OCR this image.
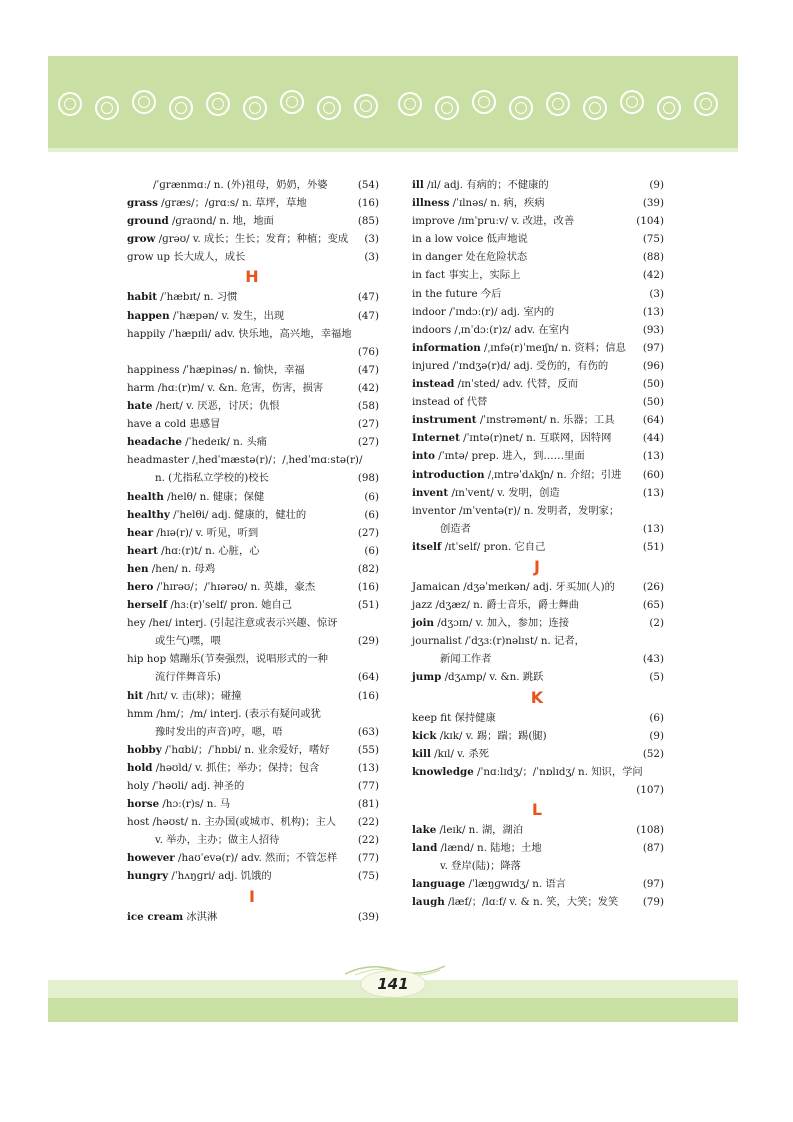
/ˈɡrænmɑː/ n. (外)祖母，奶奶，外婆	(54)
grass /ɡræs/；/ɡrɑːs/ n. 草坪，草地	(16)
ground /ɡraʊnd/ n. 地，地面	(85)
grow /ɡrəʊ/ v. 成长；生长；发育；种植；变成 (3)
grow up 长大成人，成长	(3)
H
habit /ˈhæbɪt/ n. 习惯	(47)
happen /ˈhæpən/ v. 发生，出现	(47)
happily /ˈhæpɪli/ adv. 快乐地，高兴地，幸福地
(76)
happiness /ˈhæpinəs/ n. 愉快，幸福	(47)
harm /hɑː(r)m/ v. &n. 危害，伤害，损害	(42)
hate /heɪt/ v. 厌恶，讨厌；仇恨	(58)
have a cold 患感冒	(27)
headache /ˈhedeɪk/ n. 头痛	(27)
headmaster /ˌhedˈmæstə(r)/；/ˌhedˈmɑːstə(r)/
n. (尤指私立学校的)校长	(98)
health /helθ/ n. 健康；保健	(6)
healthy /ˈhelθi/ adj. 健康的，健壮的	(6)
hear /hɪə(r)/ v. 听见，听到	(27)
heart /hɑː(r)t/ n. 心脏，心	(6)
hen /hen/ n. 母鸡	(82)
hero /ˈhɪrəʊ/；/ˈhɪərəʊ/ n. 英雄，豪杰	(16)
herself /hɜː(r)ˈself/ pron. 她自己	(51)
hey /heɪ/ interj. (引起注意或表示兴趣、惊讶
或生气)嘿，喂	(29)
hip hop 嬉蹦乐(节奏强烈，说唱形式的一种
流行伴舞音乐)	(64)
hit /hɪt/ v. 击(球)；碰撞	(16)
hmm /hm/；/m/ interj. (表示有疑问或犹
豫时发出的声音)哼，嗯，唔	(63)
hobby /ˈhɑbi/；/ˈhɒbi/ n. 业余爱好，嗜好	(55)
hold /həʊld/ v. 抓住；举办；保持；包含	(13)
holy /ˈhəʊli/ adj. 神圣的	(77)
horse /hɔː(r)s/ n. 马	(81)
host /həʊst/ n. 主办国(或城市、机构)；主人 (22)
v. 举办，主办；做主人招待	(22)
however /haʊˈevə(r)/ adv. 然而；不管怎样 (77)
hungry /ˈhʌŋɡri/ adj. 饥饿的	(75)
I
ice cream 冰淇淋	(39)
ill /ɪl/ adj. 有病的；不健康的	(9)
illness /ˈɪlnəs/ n. 病，疾病	(39)
improve /ɪmˈpruːv/ v. 改进，改善	(104)
in a low voice 低声地说	(75)
in danger 处在危险状态	(88)
in fact 事实上，实际上	(42)
in the future 今后	(3)
indoor /ˈɪndɔː(r)/ adj. 室内的	(13)
indoors /ˌɪnˈdɔː(r)z/ adv. 在室内	(93)
information /ˌɪnfə(r)ˈmeɪʃn/ n. 资料；信息 (97)
injured /ˈɪndʒə(r)d/ adj. 受伤的，有伤的	(96)
instead /ɪnˈsted/ adv. 代替，反而	(50)
instead of 代替	(50)
instrument /ˈɪnstrəmənt/ n. 乐器；工具	(64)
Internet /ˈɪntə(r)net/ n. 互联网，因特网	(44)
into /ˈɪntə/ prep. 进入，到……里面	(13)
introduction /ˌɪntrəˈdʌkʃn/ n. 介绍；引进 (60)
invent /ɪnˈvent/ v. 发明，创造	(13)
inventor /ɪnˈventə(r)/ n. 发明者，发明家；
创造者	(13)
itself /ɪtˈself/ pron. 它自己	(51)
J
Jamaican /dʒəˈmeɪkən/ adj. 牙买加(人)的	(26)
jazz /dʒæz/ n. 爵士音乐，爵士舞曲	(65)
join /dʒɔɪn/ v. 加入，参加；连接	(2)
journalist /ˈdʒɜː(r)nəlɪst/ n. 记者，
新闻工作者	(43)
jump /dʒʌmp/ v. &n. 跳跃	(5)
K
keep fit 保持健康	(6)
kick /kɪk/ v. 踢；踹；踢(腿)	(9)
kill /kɪl/ v. 杀死	(52)
knowledge /ˈnɑːlɪdʒ/；/ˈnɒlɪdʒ/ n. 知识，学问
(107)
L
lake /leɪk/ n. 湖，湖泊	(108)
land /lænd/ n. 陆地；土地	(87)
v. 登岸(陆)；降落
language /ˈlæŋɡwɪdʒ/ n. 语言	(97)
laugh /læf/；/lɑːf/ v. & n. 笑，大笑；发笑 (79)
141
